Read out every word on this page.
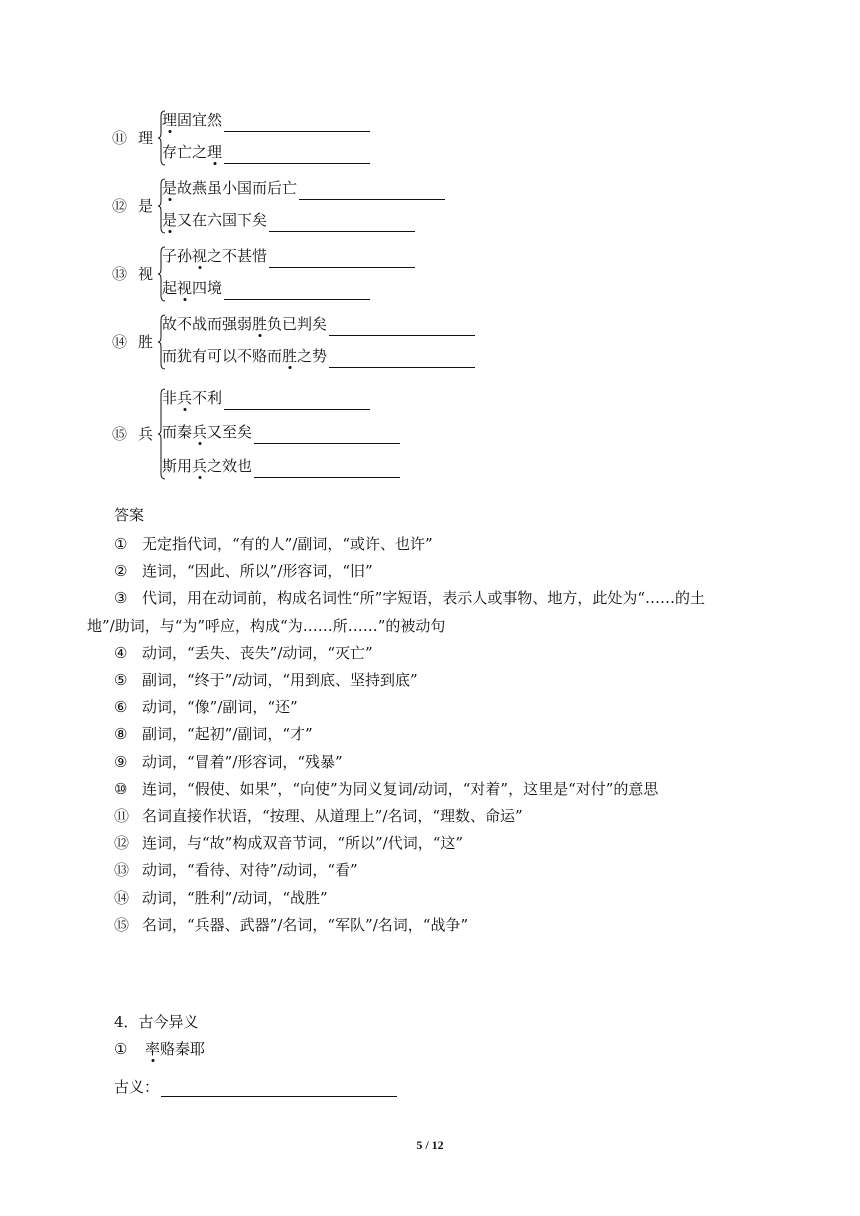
⑪ 理
理固宜然
存亡之理
⑫ 是
是故燕虽小国而后亡
是又在六国下矣
⑬ 视
子孙视之不甚惜
起视四境
⑭ 胜
故不战而强弱胜负已判矣
而犹有可以不赂而胜之势
⑮ 兵
非兵不利
而秦兵又至矣
斯用兵之效也
答案
① 无定指代词，“有的人”/副词，“或许、也许”
② 连词，“因此、所以”/形容词，“旧”
③ 代词，用在动词前，构成名词性“所”字短语，表示人或事物、地方，此处为“……的土
地”/助词，与“为”呼应，构成“为……所……”的被动句
④ 动词，“丢失、丧失”/动词，“灭亡”
⑤ 副词，“终于”/动词，“用到底、坚持到底”
⑥ 动词，“像”/副词，“还”
⑧ 副词，“起初”/副词，“才”
⑨ 动词，“冒着”/形容词，“残暴”
⑩ 连词，“假使、如果”，“向使”为同义复词/动词，“对着”，这里是“对付”的意思
⑪ 名词直接作状语，“按理、从道理上”/名词，“理数、命运”
⑫ 连词，与“故”构成双音节词，“所以”/代词，“这”
⑬ 动词，“看待、对待”/动词，“看”
⑭ 动词，“胜利”/动词，“战胜”
⑮ 名词，“兵器、武器”/名词，“军队”/名词，“战争”
4．古今异义
① 率赂秦耶
古义：
5 / 12
